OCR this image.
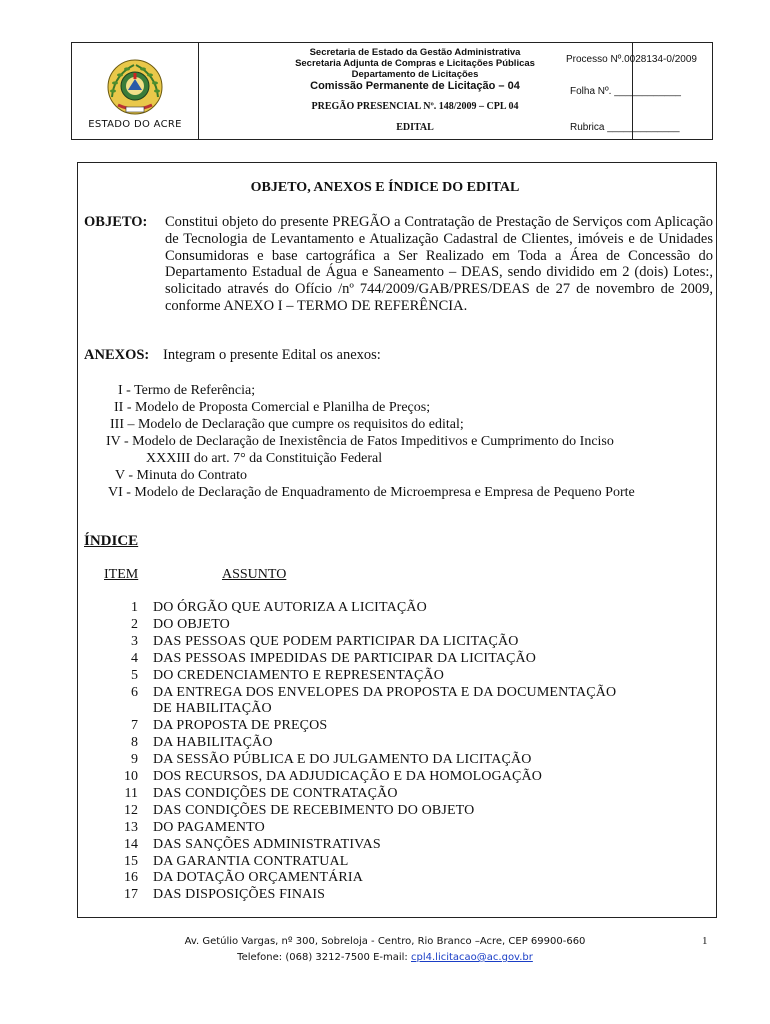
ESTADO DO ACRE
Secretaria de Estado da Gestão Administrativa
Secretaria Adjunta de Compras e Licitações Públicas
Departamento de Licitações
Comissão Permanente de Licitação – 04
PREGÃO PRESENCIAL Nº. 148/2009 – CPL 04
EDITAL
Processo Nº.0028134-0/2009
Folha Nº. ____________
Rubrica _____________
OBJETO, ANEXOS E ÍNDICE DO EDITAL
OBJETO: Constitui objeto do presente PREGÃO a Contratação de Prestação de Serviços com Aplicação de Tecnologia de Levantamento e Atualização Cadastral de Clientes, imóveis e de Unidades Consumidoras e base cartográfica a Ser Realizado em Toda a Área de Concessão do Departamento Estadual de Água e Saneamento – DEAS, sendo dividido em 2 (dois) Lotes:, solicitado através do Ofício /nº 744/2009/GAB/PRES/DEAS de 27 de novembro de 2009, conforme ANEXO I – TERMO DE REFERÊNCIA.
ANEXOS: Integram o presente Edital os anexos:
I - Termo de Referência;
II - Modelo de Proposta Comercial e Planilha de Preços;
III – Modelo de Declaração que cumpre os requisitos do edital;
IV - Modelo de Declaração de Inexistência de Fatos Impeditivos e Cumprimento do Inciso
XXXIII do art. 7° da Constituição Federal
V - Minuta do Contrato
VI - Modelo de Declaração de Enquadramento de Microempresa e Empresa de Pequeno Porte
ÍNDICE
ITEM	ASSUNTO
1 DO ÓRGÃO QUE AUTORIZA A LICITAÇÃO
2 DO OBJETO
3 DAS PESSOAS QUE PODEM PARTICIPAR DA LICITAÇÃO
4 DAS PESSOAS IMPEDIDAS DE PARTICIPAR DA LICITAÇÃO
5 DO CREDENCIAMENTO E REPRESENTAÇÃO
6 DA ENTREGA DOS ENVELOPES DA PROPOSTA E DA DOCUMENTAÇÃO
DE HABILITAÇÃO
7 DA PROPOSTA DE PREÇOS
8 DA HABILITAÇÃO
9 DA SESSÃO PÚBLICA E DO JULGAMENTO DA LICITAÇÃO
10 DOS RECURSOS, DA ADJUDICAÇÃO E DA HOMOLOGAÇÃO
11 DAS CONDIÇÕES DE CONTRATAÇÃO
12 DAS CONDIÇÕES DE RECEBIMENTO DO OBJETO
13 DO PAGAMENTO
14 DAS SANÇÕES ADMINISTRATIVAS
15 DA GARANTIA CONTRATUAL
16 DA DOTAÇÃO ORÇAMENTÁRIA
17 DAS DISPOSIÇÕES FINAIS
Av. Getúlio Vargas, nº 300, Sobreloja - Centro, Rio Branco –Acre, CEP 69900-660
Telefone: (068) 3212-7500 E-mail: cpl4.licitacao@ac.gov.br
1
